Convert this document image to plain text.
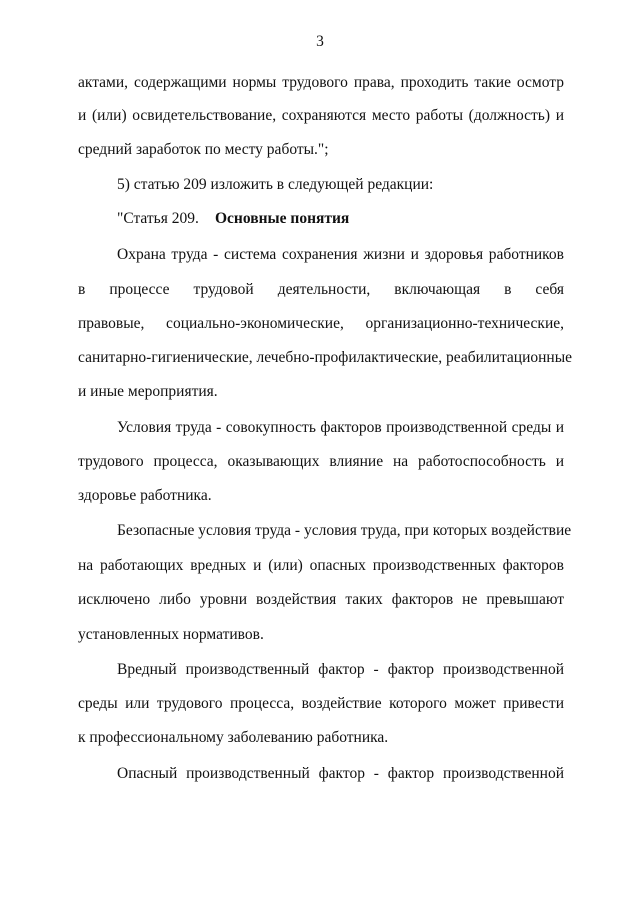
3
актами, содержащими нормы трудового права, проходить такие осмотр
и (или) освидетельствование, сохраняются место работы (должность) и
средний заработок по месту работы.";
5) статью 209 изложить в следующей редакции:
"Статья 209. Основные понятия
Охрана труда - система сохранения жизни и здоровья работников
в процессе трудовой деятельности, включающая в себя
правовые, социально-экономические, организационно-технические,
санитарно-гигиенические, лечебно-профилактические, реабилитационные
и иные мероприятия.
Условия труда - совокупность факторов производственной среды и
трудового процесса, оказывающих влияние на работоспособность и
здоровье работника.
Безопасные условия труда - условия труда, при которых воздействие
на работающих вредных и (или) опасных производственных факторов
исключено либо уровни воздействия таких факторов не превышают
установленных нормативов.
Вредный производственный фактор - фактор производственной
среды или трудового процесса, воздействие которого может привести
к профессиональному заболеванию работника.
Опасный производственный фактор - фактор производственной
